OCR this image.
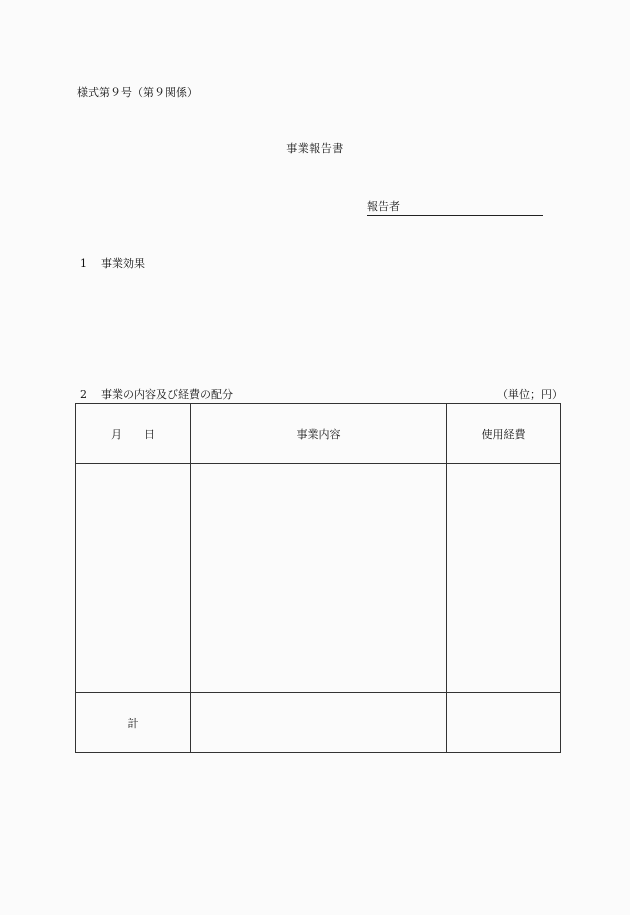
様式第９号（第９関係）
事業報告書
報告者
1 事業効果
2 事業の内容及び経費の配分	（単位；円）
月　　日	事業内容	使用経費

計		
